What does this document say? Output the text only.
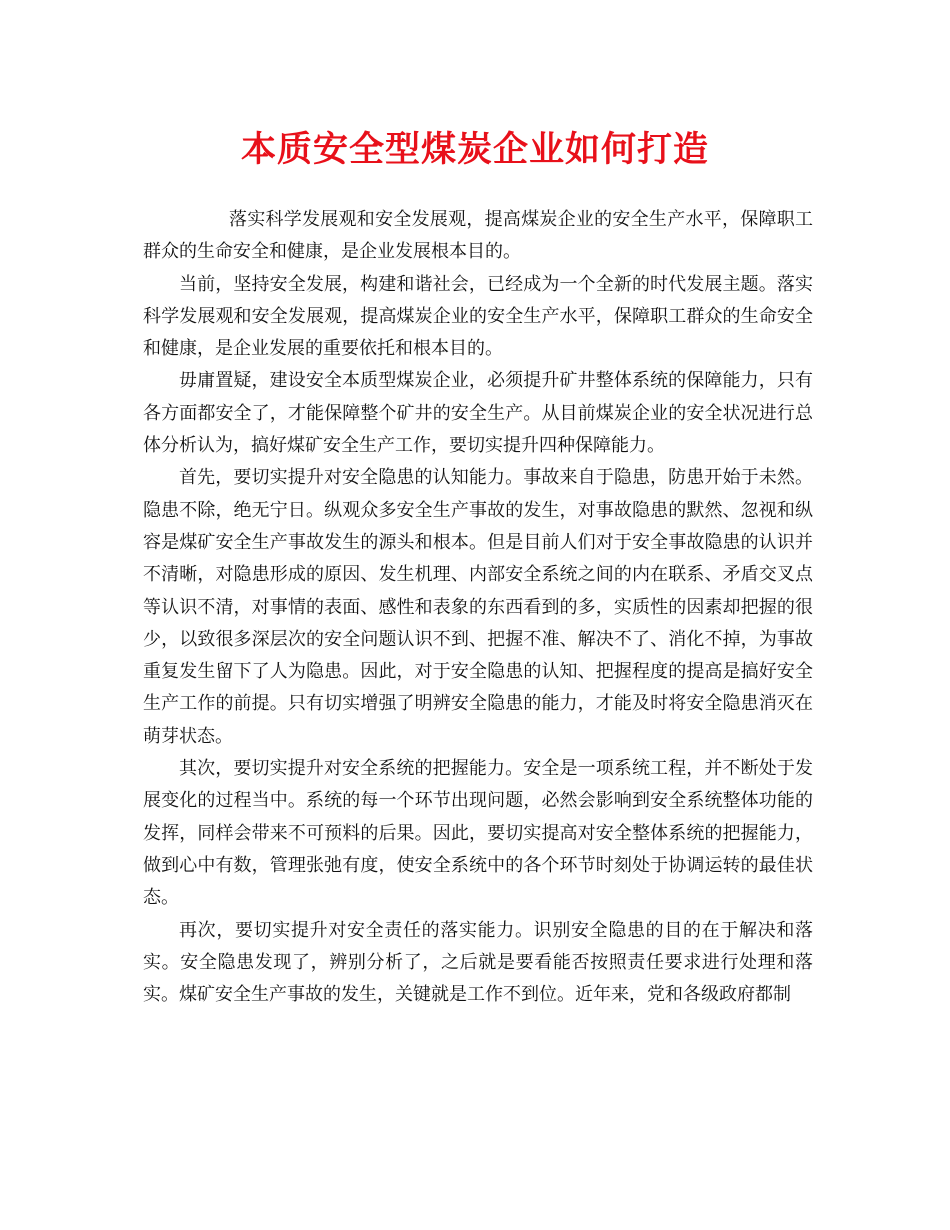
本质安全型煤炭企业如何打造

落实科学发展观和安全发展观，提高煤炭企业的安全生产水平，保障职工群众的生命安全和健康，是企业发展根本目的。

当前，坚持安全发展，构建和谐社会，已经成为一个全新的时代发展主题。落实科学发展观和安全发展观，提高煤炭企业的安全生产水平，保障职工群众的生命安全和健康，是企业发展的重要依托和根本目的。

毋庸置疑，建设安全本质型煤炭企业，必须提升矿井整体系统的保障能力，只有各方面都安全了，才能保障整个矿井的安全生产。从目前煤炭企业的安全状况进行总体分析认为，搞好煤矿安全生产工作，要切实提升四种保障能力。

首先，要切实提升对安全隐患的认知能力。事故来自于隐患，防患开始于未然。隐患不除，绝无宁日。纵观众多安全生产事故的发生，对事故隐患的默然、忽视和纵容是煤矿安全生产事故发生的源头和根本。但是目前人们对于安全事故隐患的认识并不清晰，对隐患形成的原因、发生机理、内部安全系统之间的内在联系、矛盾交叉点等认识不清，对事情的表面、感性和表象的东西看到的多，实质性的因素却把握的很少，以致很多深层次的安全问题认识不到、把握不准、解决不了、消化不掉，为事故重复发生留下了人为隐患。因此，对于安全隐患的认知、把握程度的提高是搞好安全生产工作的前提。只有切实增强了明辨安全隐患的能力，才能及时将安全隐患消灭在萌芽状态。

其次，要切实提升对安全系统的把握能力。安全是一项系统工程，并不断处于发展变化的过程当中。系统的每一个环节出现问题，必然会影响到安全系统整体功能的发挥，同样会带来不可预料的后果。因此，要切实提高对安全整体系统的把握能力，做到心中有数，管理张弛有度，使安全系统中的各个环节时刻处于协调运转的最佳状态。

再次，要切实提升对安全责任的落实能力。识别安全隐患的目的在于解决和落实。安全隐患发现了，辨别分析了，之后就是要看能否按照责任要求进行处理和落实。煤矿安全生产事故的发生，关键就是工作不到位。近年来，党和各级政府都制
